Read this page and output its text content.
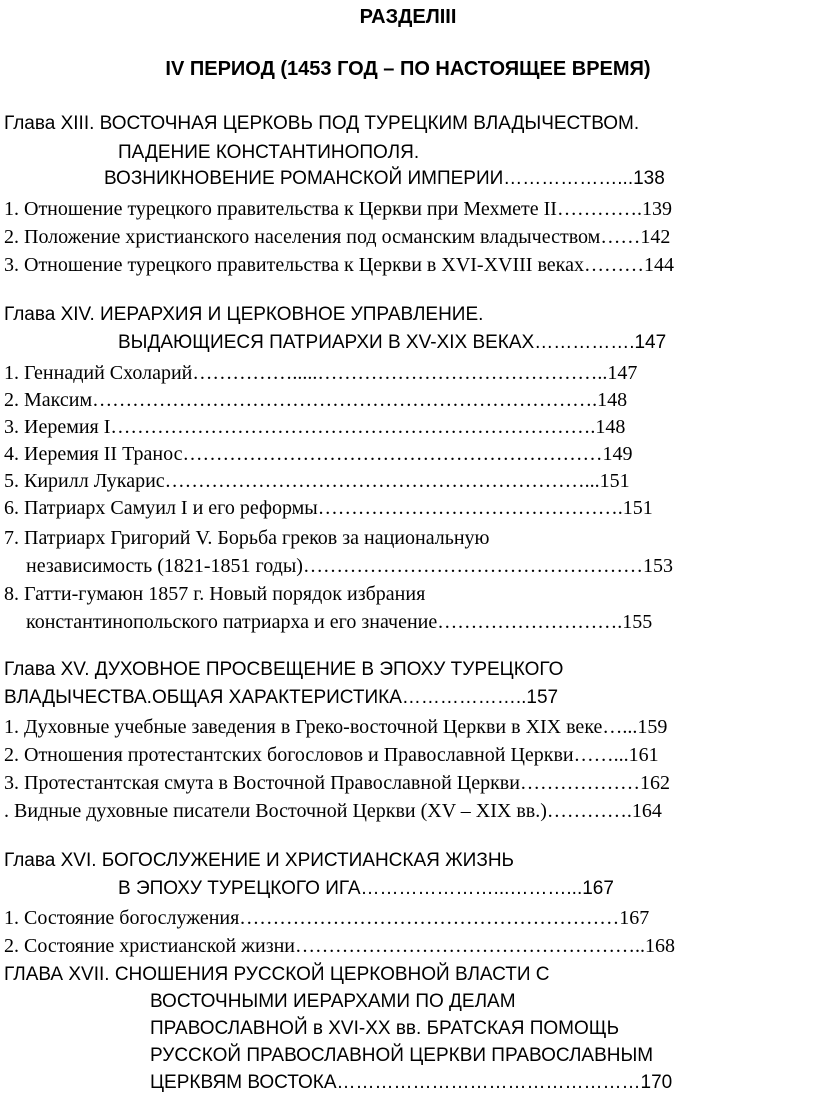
РАЗДЕЛIII
IV ПЕРИОД (1453 ГОД – ПО НАСТОЯЩЕЕ ВРЕМЯ)
Глава XIII. ВОСТОЧНАЯ ЦЕРКОВЬ ПОД ТУРЕЦКИМ ВЛАДЫЧЕСТВОМ.
ПАДЕНИЕ КОНСТАНТИНОПОЛЯ.
ВОЗНИКНОВЕНИЕ РОМАНСКОЙ ИМПЕРИИ………………...138
1. Отношение турецкого правительства к Церкви при Мехмете II………….139
2. Положение христианского населения под османским владычеством……142
3. Отношение турецкого правительства к Церкви в XVI-XVIII веках………144
Глава XIV. ИЕРАРХИЯ И ЦЕРКОВНОЕ УПРАВЛЕНИЕ.
ВЫДАЮЩИЕСЯ ПАТРИАРХИ В XV-XIX ВЕКАХ…………….147
1. Геннадий Схоларий…………….....……………………………………..147
2. Максим………………………………………………………………….148
3. Иеремия I……………………………………………………………….148
4. Иеремия II Транос………………………………………………………149
5. Кирилл Лукарис………………………………………………………...151
6. Патриарх Самуил I и его реформы……………………………………….151
7. Патриарх Григорий V. Борьба греков за национальную
независимость (1821-1851 годы)……………………………………………153
8. Гатти-гумаюн 1857 г. Новый порядок избрания
константинопольского патриарха и его значение……………………….155
Глава XV. ДУХОВНОЕ ПРОСВЕЩЕНИЕ В ЭПОХУ ТУРЕЦКОГО
ВЛАДЫЧЕСТВА.ОБЩАЯ ХАРАКТЕРИСТИКА………………..157
1. Духовные учебные заведения в Греко-восточной Церкви в XIX веке…...159
2. Отношения протестантских богословов и Православной Церкви……...161
3. Протестантская смута в Восточной Православной Церкви………………162
. Видные духовные писатели Восточной Церкви (XV – XIX вв.)………….164
Глава XVI. БОГОСЛУЖЕНИЕ И ХРИСТИАНСКАЯ ЖИЗНЬ
В ЭПОХУ ТУРЕЦКОГО ИГА…………………...………...167
1. Состояние богослужения…………………………………………………167
2. Состояние христианской жизни……………………………………………..168
ГЛАВА XVII. СНОШЕНИЯ РУССКОЙ ЦЕРКОВНОЙ ВЛАСТИ С
ВОСТОЧНЫМИ ИЕРАРХАМИ ПО ДЕЛАМ
ПРАВОСЛАВНОЙ в XVI-XX вв. БРАТСКАЯ ПОМОЩЬ
РУССКОЙ ПРАВОСЛАВНОЙ ЦЕРКВИ ПРАВОСЛАВНЫМ
ЦЕРКВЯМ ВОСТОКА…………………………………………170
